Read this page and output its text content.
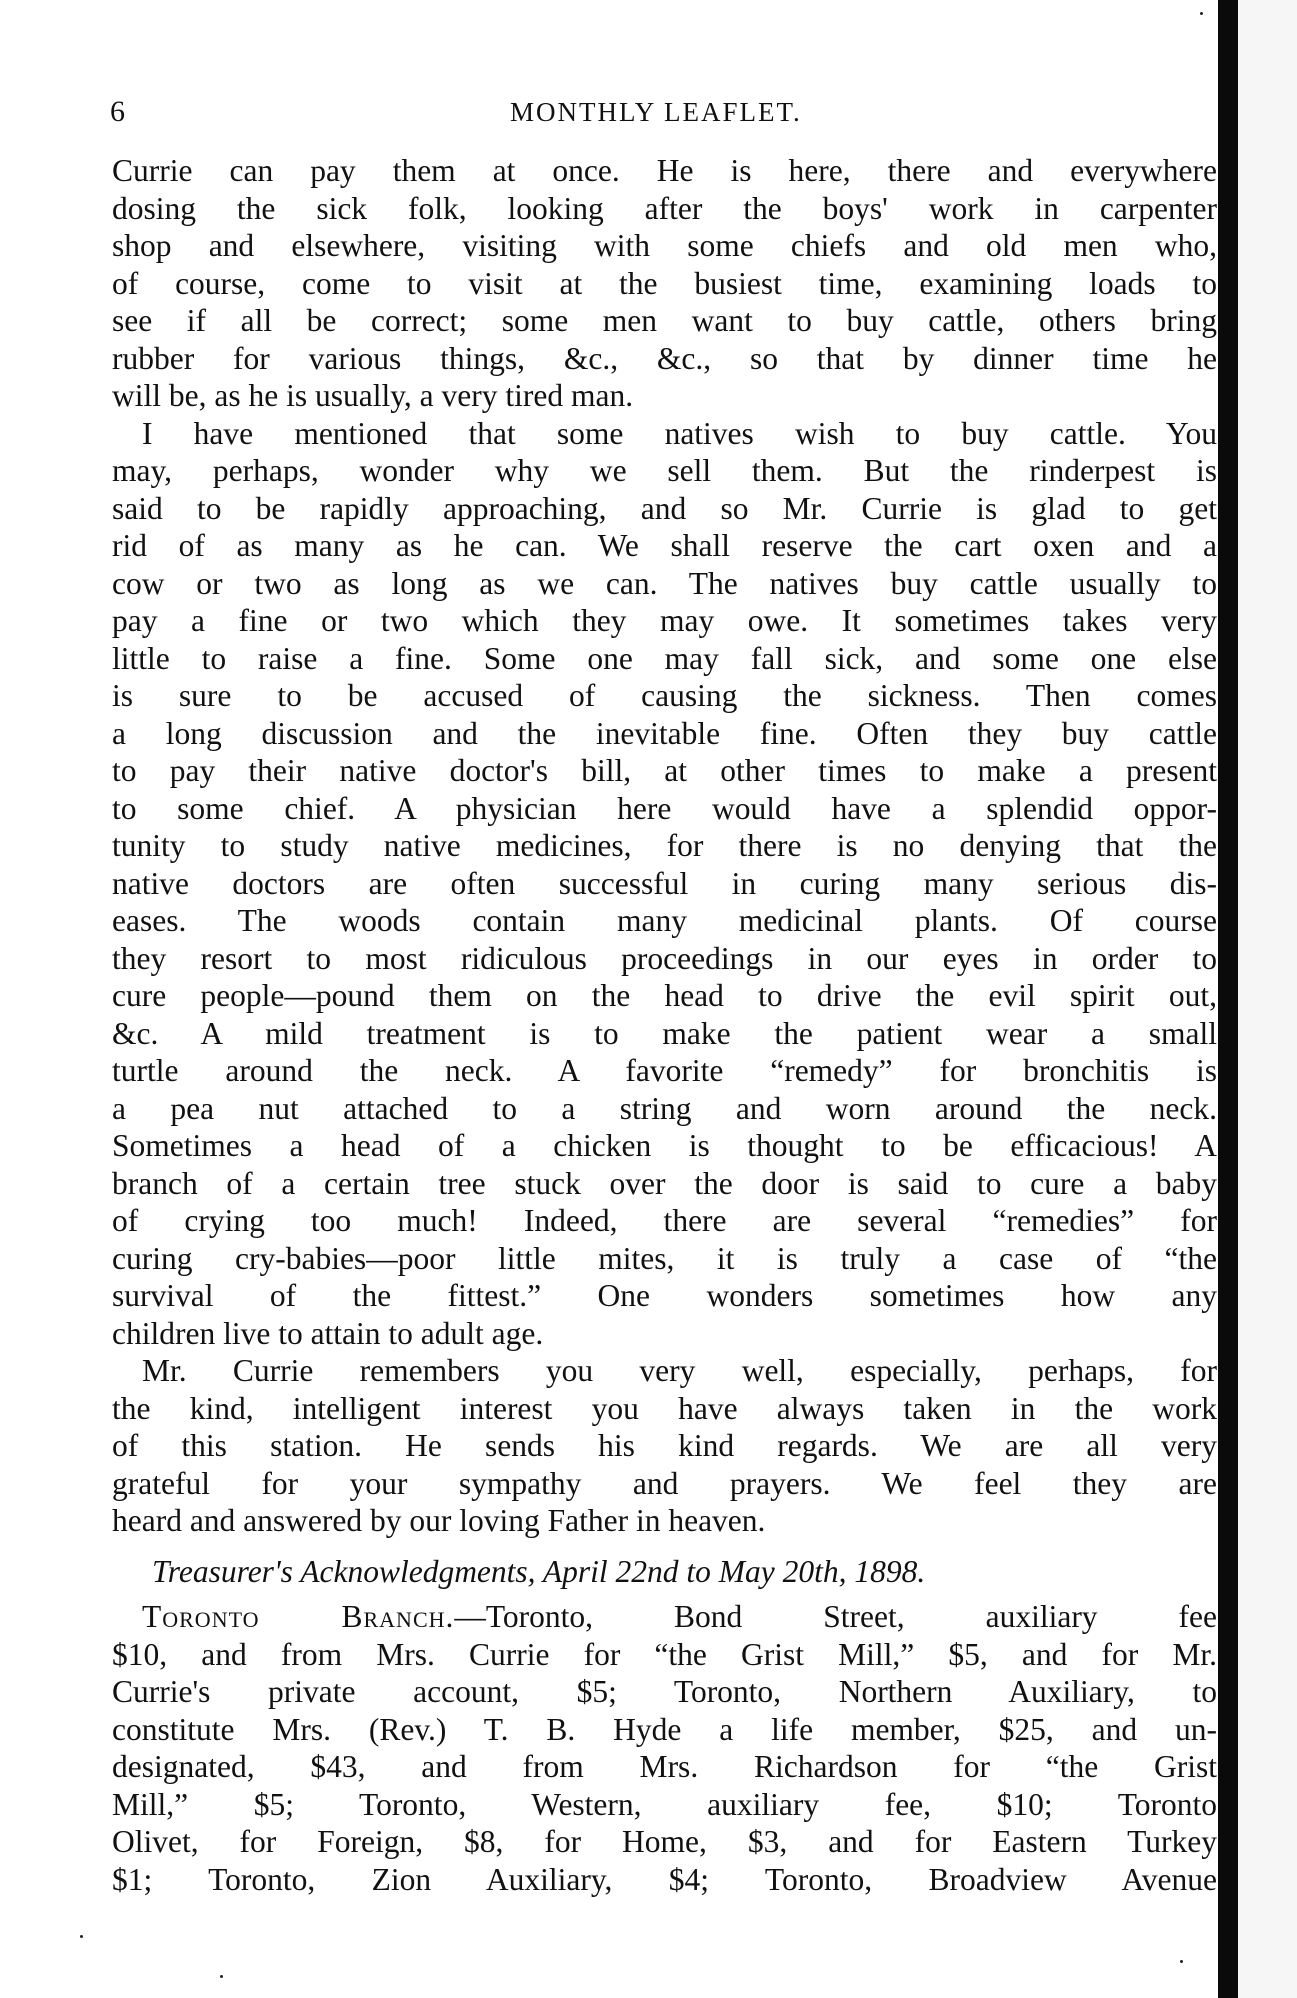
6	MONTHLY LEAFLET.
Currie can pay them at once. He is here, there and everywhere
dosing the sick folk, looking after the boys' work in carpenter
shop and elsewhere, visiting with some chiefs and old men who,
of course, come to visit at the busiest time, examining loads to
see if all be correct; some men want to buy cattle, others bring
rubber for various things, &c., &c., so that by dinner time he
will be, as he is usually, a very tired man.
I have mentioned that some natives wish to buy cattle. You
may, perhaps, wonder why we sell them. But the rinderpest is
said to be rapidly approaching, and so Mr. Currie is glad to get
rid of as many as he can. We shall reserve the cart oxen and a
cow or two as long as we can. The natives buy cattle usually to
pay a fine or two which they may owe. It sometimes takes very
little to raise a fine. Some one may fall sick, and some one else
is sure to be accused of causing the sickness. Then comes
a long discussion and the inevitable fine. Often they buy cattle
to pay their native doctor's bill, at other times to make a present
to some chief. A physician here would have a splendid oppor-
tunity to study native medicines, for there is no denying that the
native doctors are often successful in curing many serious dis-
eases. The woods contain many medicinal plants. Of course
they resort to most ridiculous proceedings in our eyes in order to
cure people—pound them on the head to drive the evil spirit out,
&c. A mild treatment is to make the patient wear a small
turtle around the neck. A favorite “remedy” for bronchitis is
a pea nut attached to a string and worn around the neck.
Sometimes a head of a chicken is thought to be efficacious! A
branch of a certain tree stuck over the door is said to cure a baby
of crying too much! Indeed, there are several “remedies” for
curing cry-babies—poor little mites, it is truly a case of “the
survival of the fittest.” One wonders sometimes how any
children live to attain to adult age.
Mr. Currie remembers you very well, especially, perhaps, for
the kind, intelligent interest you have always taken in the work
of this station. He sends his kind regards. We are all very
grateful for your sympathy and prayers. We feel they are
heard and answered by our loving Father in heaven.
Treasurer's Acknowledgments, April 22nd to May 20th, 1898.
Toronto Branch.—Toronto, Bond Street, auxiliary fee
$10, and from Mrs. Currie for “the Grist Mill,” $5, and for Mr.
Currie's private account, $5; Toronto, Northern Auxiliary, to
constitute Mrs. (Rev.) T. B. Hyde a life member, $25, and un-
designated, $43, and from Mrs. Richardson for “the Grist
Mill,” $5; Toronto, Western, auxiliary fee, $10; Toronto
Olivet, for Foreign, $8, for Home, $3, and for Eastern Turkey
$1; Toronto, Zion Auxiliary, $4; Toronto, Broadview Avenue
